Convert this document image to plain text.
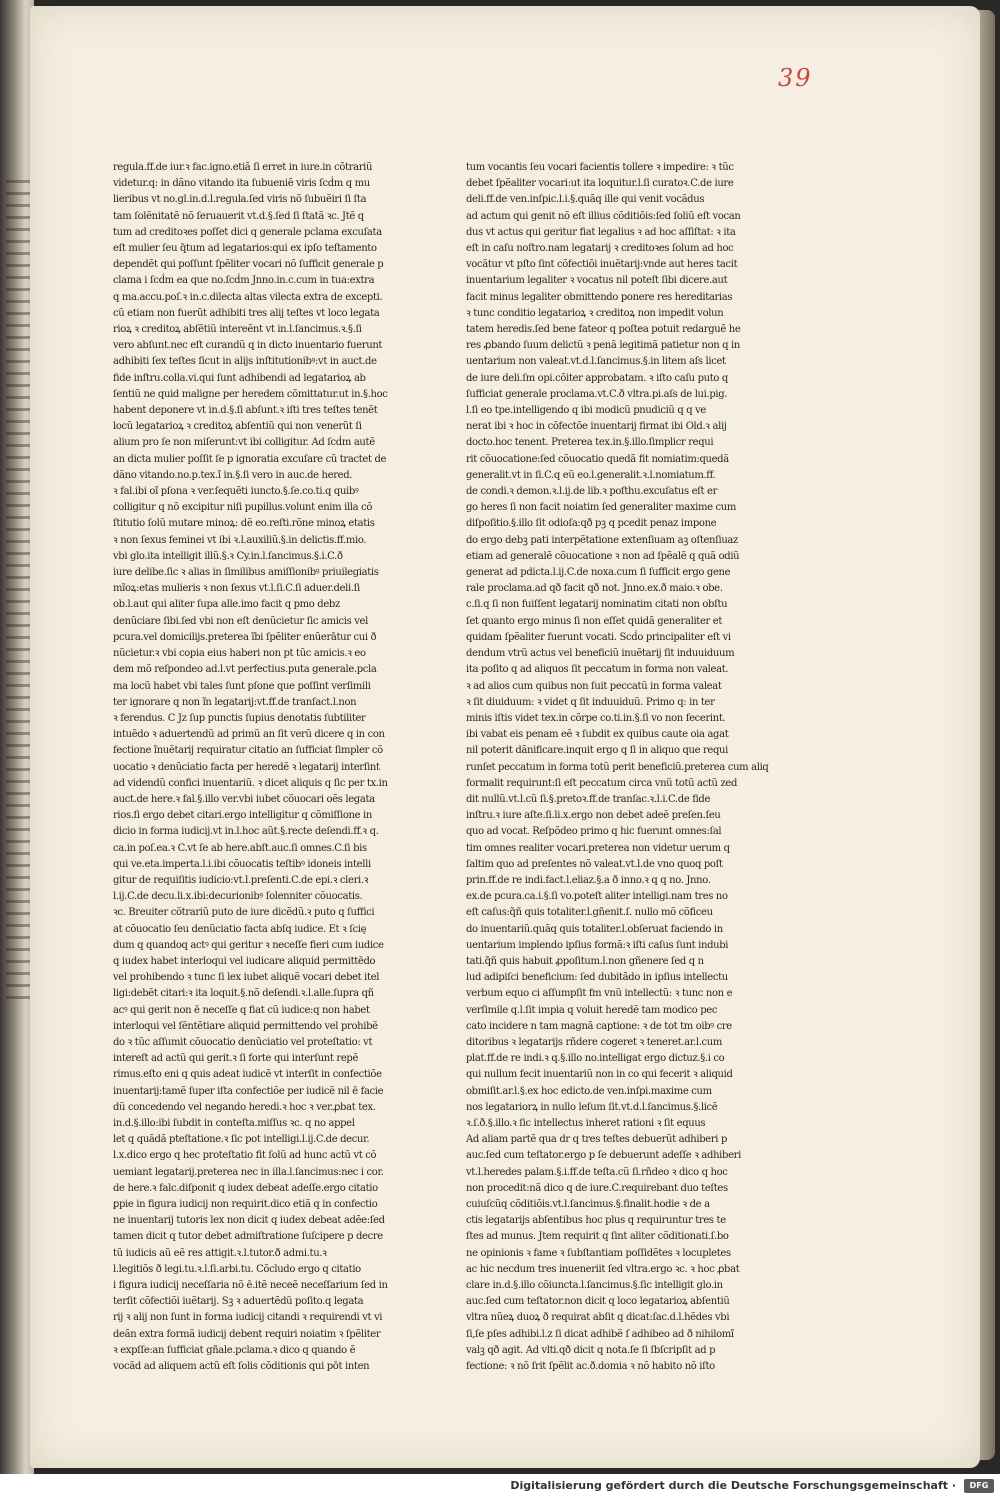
39
regula.ff.de iur.ꝛ fac.igno.etiã ſi erret in iure.in cõtrariũ
videtur.q: in dãno vitando ita ſubueniẽ viris ſcḋm q mu
lieribus vt no.gl.in.d.l.regula.ſed viris nõ ſubuẽiri ſi ſta
tam ſolẽnitatẽ nõ ſeruauerit vt.d.§.ſed ſi ſtatã ꝛc. Jtẽ q
tum ad creditoꝛes poſſet dici q generale pclama excuſata
eſt mulier ſeu q̃tum ad legatarios:qui ex ipſo teſtamento
dependẽt qui poſſunt ſpẽliter vocari nõ ſufficit generale p
clama i ſcḋm ea que no.ſcḋm Jnno.in.c.cum in tua:extra
q ma.accu.poſ.ꝛ in.c.dilecta altas vilecta extra de excepti.
cũ etiam non fuerũt adhibiti tres alij teſtes vt loco legata
rioꝝ ꝛ creditoꝝ abſẽtiũ intereẽnt vt in.l.ſancimus.ꝛ.§.ſi
vero abſunt.nec eſt curandũ q in dicto inuentario fuerunt
adhibiti ſex teſtes ſicut in alijs inſtitutionibꝰ:vt in auct.de
fide inſtru.colla.vi.qui ſunt adhibendi ad legatarioꝝ ab
ſentiũ ne quid maligne per heredem cõmittatur.ut in.§.hoc
habent deponere vt in.d.§.ſi abſunt.ꝛ iſti tres teſtes tenẽt
locũ legatarioꝝ ꝛ creditoꝝ abſentiũ qui non venerũt ſi
alium pro ſe non miſerunt:vt ibi colligitur. Ad ſcḋm autẽ
an dicta mulier poſſit ſe p ignoratia excuſare cũ tractet de
dãno vitando.no.p.tex.ĩ in.§.ſi vero in auc.de hered.
ꝛ fal.ibi oĩ pſona ꝛ ver.ſequẽti iuncto.§.ſe.co.ti.q quibꝰ
colligitur q nõ excipitur niſi pupillus.volunt enim illa cõ
ſtitutio ſolũ mutare minoꝝ: dẽ eo.reſti.rõne minoꝝ etatis
ꝛ non ſexus feminei vt ibi ꝛ.l.auxiliũ.§.in delictis.ff.mio.
vbi glo.ita intelligit illũ.§.ꝛ Cy.in.l.ſancimus.§.i.C.ð
iure delibe.ſic ꝛ alias in ſimilibus amiſſionibꝰ priuilegiatis
mĩoꝝ:etas mulieris ꝛ non ſexus vt.l.ſi.C.ſi aduer.deli.ſi
ob.l.aut qui aliter ſupa alle.imo facit q pmo debz
denũciare ſibi.ſed vbi non eſt denũcietur ſic amicis vel
pcura.vel domicilijs.preterea ĩbi ſpẽliter enũerātur cui ð
nũcietur.ꝛ vbi copia eius haberi non pt tũc amicis.ꝛ eo
dem mõ reſpondeo ad.l.vt perfectius.puta generale.pcla
ma locũ habet vbi tales ſunt pſone que poſſint verſimili
ter ignorare q non ĩn legatarij:vt.ff.de tranſact.l.non
ꝛ ferendus. C Jz ſup punctis ſupius denotatis ſubtiliter
intuẽdo ꝛ aduertendũ ad primũ an ſit verũ dicere q in con
fectione ĩnuẽtarij requiratur citatio an ſufficiat ſimpler cõ
uocatio ꝛ denũciatio facta per heredẽ ꝛ legatarij interſint
ad videndũ confici inuentariũ. ꝛ dicet aliquis q ſic per tx.in
auct.de here.ꝛ fal.§.illo ver.vbi iubet cõuocari oẽs legata
rios.ſi ergo debet citari.ergo intelligitur q cõmiſſione in
dicio in forma iudicij.vt in.l.hoc aũt.§.recte deſendi.ff.ꝛ q.
ca.in poſ.ea.ꝛ C.vt ſe ab here.abſt.auc.ſi omnes.C.ſi bis
qui ve.eta.imperta.l.i.ibi cõuocatis teſtibꝰ idoneis intelli
gitur de requiſitis iudicio:vt.l.preſenti.C.de epi.ꝛ cleri.ꝛ
l.ij.C.de decu.li.x.ibi:decurionibꝰ ſolenniter cõuocatis.
ꝛc. Breuiter cõtrariũ puto de iure dicẽdũ.ꝛ puto q ſuffici
at cõuocatio ſeu denũciatio facta abſq iudice. Et ꝛ ſcię
dum q quandoq actꝰ qui geritur ꝛ neceſſe fieri cum iudice
q iudex habet interloqui vel iudicare aliquid permittēdo
vel prohibendo ꝛ tunc ſi lex iubet aliquẽ vocari debet itel
ligi:debẽt citari:ꝛ ita loquit.§.nõ deſendi.ꝛ.l.alle.ſupra qñ
acꝰ qui gerit non ē neceſſe q fiat cũ iudice:q non habet
interloqui vel ſẽntẽtiare aliquid permittendo vel prohibẽ
do ꝛ tũc aſſumit cõuocatio denũciatio vel proteſtatio: vt
intereſt ad actũ qui gerit.ꝛ ſi forte qui interſunt repẽ
rimus.eſto eni q quis adeat iudicẽ vt interſit in confectiõe
inuentarij:tamẽ ſuper iſta confectiõe per iudicẽ nil ē facie
dũ concedendo vel negando heredi.ꝛ hoc ꝛ ver.ꝓbat tex.
in.d.§.illo:ibi ſubdit in conteſta.miſſus ꝛc. q no appel
let q quãdã pteſtatione.ꝛ ſic pot intelligi.l.ij.C.de decur.
l.x.dico ergo q hec proteſtatio fit ſolũ ad hunc actũ vt cõ
uemiant legatarij.preterea nec in illa.l.ſancimus:nec i cor.
de here.ꝛ falc.diſponit q iudex debeat adeſſe.ergo citatio
ꝑpie in figura iudicij non requirit.dico etiã q in confectio
ne inuentarij tutoris lex non dicit q iudex debeat adẽe:ſed
tamen dicit q tutor debet admiſtratione ſuſcipere p decre
tũ iudicis aũ eẽ res attigit.ꝛ.l.tutor.ð admi.tu.ꝛ
l.legitiõs ð legi.tu.ꝛ.l.ſi.arbi.tu. Cõcludo ergo q citatio
i figura iudicij neceſſaria nõ ē.itẽ neceẽ neceſſarium ſed in
terſit cõfectiõi iuẽtarij. Sꝫ ꝛ aduertẽdũ poſito.q legata
rij ꝛ alij non ſunt in forma iudicij citandi ꝛ requirendi vt vi
deãn extra formã iudicij debent requiri noiatim ꝛ ſpẽliter
ꝛ expſſe:an ſufficiat gñale.pclama.ꝛ dico q quando ẽ
vocãd ad aliquem actũ eſt ſolis cõditionis qui pōt inten
tum vocantis ſeu vocari facientis tollere ꝛ impedire: ꝛ tũc
debet ſpẽaliter vocari:ut ita loquitur.l.ſi curatoꝛ.C.de iure
deli.ff.de ven.inſpic.l.i.§.quãq ille qui venit vocãdus
ad actum qui genit nõ eſt illius cõditiõis:ſed ſoliũ eſt vocan
dus vt actus qui geritur fiat legalius ꝛ ad hoc aſſiſtat: ꝛ ita
eſt in caſu noſtro.nam legatarij ꝛ creditoꝛes ſolum ad hoc
vocãtur vt pſto ſint cõfectiõi inuẽtarij:vnde aut heres tacit
inuentarium legaliter ꝛ vocatus nil poteſt ſibi dicere.aut
facit minus legaliter obmittendo ponere res hereditarias
ꝛ tunc conditio legatarioꝝ ꝛ creditoꝝ non impedit volun
tatem heredis.ſed bene fateor q poſtea potuit redarguẽ he
res ꝓbando ſuum delictũ ꝛ penã legitimã patietur non q in
uentarium non valeat.vt.d.l.ſancimus.§.in litem aſs licet
de iure deli.ſm opi.cõiter approbatam. ꝛ iſto caſu puto q
ſufficiat generale proclama.vt.C.ð vltra.pi.aſs de lui.pig.
l.ſi eo tpe.intelligendo q ibi modicũ pnudiciũ q q ve
nerat ibi ꝛ hoc in cõfectõe inuentarij firmat ibi Old.ꝛ alij
docto.hoc tenent. Preterea tex.in.§.illo.ſimplicr requi
rit cõuocatione:ſed cõuocatio quedã fit nomiatim:quedã
generalit.vt in ſi.C.q eũ eo.l.generalit.ꝛ.l.nomiatum.ff.
de condi.ꝛ demon.ꝛ.l.ij.de lib.ꝛ poſthu.excuſatus eſt er
go heres ſi non facit noiatim ſed generaliter maxime cum
diſpoſitio.§.illo ſit odioſa:qð pꝫ q pcedit penaz impone
do ergo debꝫ pati interpẽtatione extenſiuam aꝫ oſtenſiuaz
etiam ad generalẽ cõuocatione ꝛ non ad ſpẽalẽ q quã odiũ
generat ad pdicta.l.ij.C.de noxa.cum ſi ſufficit ergo gene
rale proclama.ad qð facit qð not. Jnno.ex.ð maio.ꝛ obe.
c.ſi.q ſi non fuiſſent legatarij nominatim citati non obſtu
ſet quanto ergo minus ſi non eſſet quidã generaliter et
quidam ſpẽaliter fuerunt vocati. Scḋo principaliter eſt vi
dendum vtrũ actus vel beneficiũ inuẽtarij ſit induuiduum
ita poſito q ad aliquos ſit peccatum in forma non valeat.
ꝛ ad alios cum quibus non ſuit peccatũ in forma valeat
ꝛ ſit diuiduum: ꝛ videt q ſit induuiduũ. Primo q: in ter
minis iſtis videt tex.in cõrpe co.ti.in.§.ſi vo non fecerint.
ibi vabat eis penam eẽ ꝛ ſubdit ex quibus caute oia agat
nil poterit dãnificare.inquit ergo q ſi in aliquo que requi
runſet peccatum in forma totũ perit beneficiũ.preterea cum aliq
formalit requirunt:ſi eſt peccatum circa vnũ totũ actũ zed
dit nullũ.vt.l.cũ ſi.§.pretoꝛ.ff.de tranſac.ꝛ.l.i.C.de fide
inſtru.ꝛ iure aſte.ſi.li.x.ergo non debet adeẽ preſen.ſeu
quo ad vocat. Reſpõdeo primo q hic fuerunt omnes:ſal
tim omnes realiter vocari.preterea non videtur uerum q
ſaltim quo ad preſentes nõ valeat.vt.l.de vno quoq poſt
prin.ff.de re indi.fact.l.eliaz.§.a ð inno.ꝛ q q no. Jnno.
ex.de pcura.ca.i.§.ſi vo.poteſt aliter intelligi.nam tres no
eſt caſus:q̃ñ quis totaliter.l.gñenit.ſ. nullo mõ cõficeu
do inuentariũ.quãq quis totaliter.l.obſeruat faciendo in
uentarium implendo ipſius formã:ꝛ iſti caſus ſunt indubi
tati.q̃ñ quis habuit ꝓpoſitum.l.non gñenere ſed q n
lud adipiſci beneficium: ſed dubitãdo in ipſius intellectu
verbum equo ci aſſumpſit fm vnũ intellectũ: ꝛ tunc non e
verſimile q.l.ſit impia q voluit heredẽ tam modico pec
cato incidere n tam magnã captione: ꝛ de tot tm oibꝰ cre
ditoribus ꝛ legatarijs rñdere cogeret ꝛ teneret.ar.l.cum
plat.ff.de re indi.ꝛ q.§.illo no.intelligat ergo dictuz.§.i co
qui nullum fecit inuentariũ non in co qui fecerit ꝛ aliquid
obmiſit.ar.l.§.ex hoc edicto.de ven.inſpi.maxime cum
nos legatariorꝝ in nullo leſum ſit.vt.d.l.ſancimus.§.licẽ
ꝛ.ſ.ð.§.illo.ꝛ ſic intellectus inheret rationi ꝛ ſit equus
Ad aliam partẽ qua dr q tres teſtes debuerũt adhiberi p
auc.ſed cum teſtator.ergo p ſe debuerunt adeſſe ꝛ adhiberi
vt.l.heredes palam.§.i.ff.de teſta.cũ ſi.rñdeo ꝛ dico q hoc
non procedit:nã dico q de iure.C.requirebant duo teſtes
cuiuſcũq cõditiõis.vt.l.ſancimus.§.finalit.hodie ꝛ de a
ctis legatarijs abſentibus hoc plus q requiruntur tres te
ſtes ad munus. Jtem requirit q ſint aliter cõditionati.ſ.bo
ne opinionis ꝛ fame ꝛ ſubſtantiam poſſidẽtes ꝛ locupletes
ac hic necdum tres inueneriit ſed vltra.ergo ꝛc. ꝛ hoc ꝓbat
clare in.d.§.illo cõiuncta.l.ſancimus.§.ſic intelligit glo.in
auc.ſed cum teſtator.non dicit q loco legatarioꝝ abſentiũ
vltra nũeꝝ duoꝝ ð requirat abſit q dicat:ſac.d.l.hẽdes vbi
ſi,ſe pſes adhibi.l.z ſi dicat adhibẽ ſ adhibeo ad ð nihilomĩ
valꝫ qð agit. Ad vlti.qð dicit q nota.ſe ſi ſbſcripſit ad p
fectione: ꝛ nõ ſrit ſpẽlit ac.ð.domia ꝛ nõ habito nõ iſto
Digitalisierung gefördert durch die Deutsche Forschungsgemeinschaft ·	DFG
